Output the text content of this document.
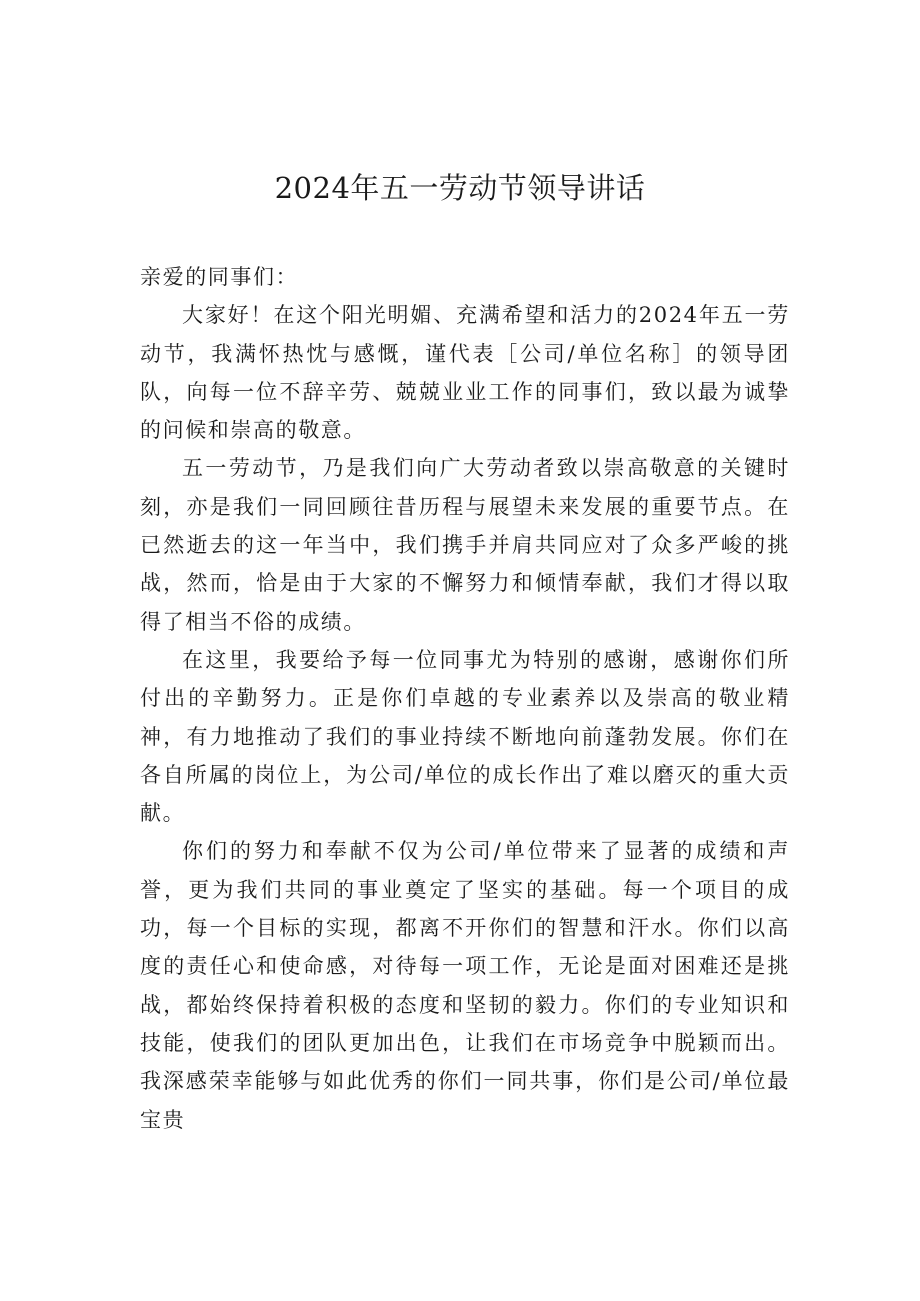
2024年五一劳动节领导讲话

亲爱的同事们：

大家好！在这个阳光明媚、充满希望和活力的2024年五一劳动节，我满怀热忱与感慨，谨代表［公司/单位名称］的领导团队，向每一位不辞辛劳、兢兢业业工作的同事们，致以最为诚挚的问候和崇高的敬意。

五一劳动节，乃是我们向广大劳动者致以崇高敬意的关键时刻，亦是我们一同回顾往昔历程与展望未来发展的重要节点。在已然逝去的这一年当中，我们携手并肩共同应对了众多严峻的挑战，然而，恰是由于大家的不懈努力和倾情奉献，我们才得以取得了相当不俗的成绩。

在这里，我要给予每一位同事尤为特别的感谢，感谢你们所付出的辛勤努力。正是你们卓越的专业素养以及崇高的敬业精神，有力地推动了我们的事业持续不断地向前蓬勃发展。你们在各自所属的岗位上，为公司/单位的成长作出了难以磨灭的重大贡献。

你们的努力和奉献不仅为公司/单位带来了显著的成绩和声誉，更为我们共同的事业奠定了坚实的基础。每一个项目的成功，每一个目标的实现，都离不开你们的智慧和汗水。你们以高度的责任心和使命感，对待每一项工作，无论是面对困难还是挑战，都始终保持着积极的态度和坚韧的毅力。你们的专业知识和技能，使我们的团队更加出色，让我们在市场竞争中脱颖而出。我深感荣幸能够与如此优秀的你们一同共事，你们是公司/单位最宝贵
